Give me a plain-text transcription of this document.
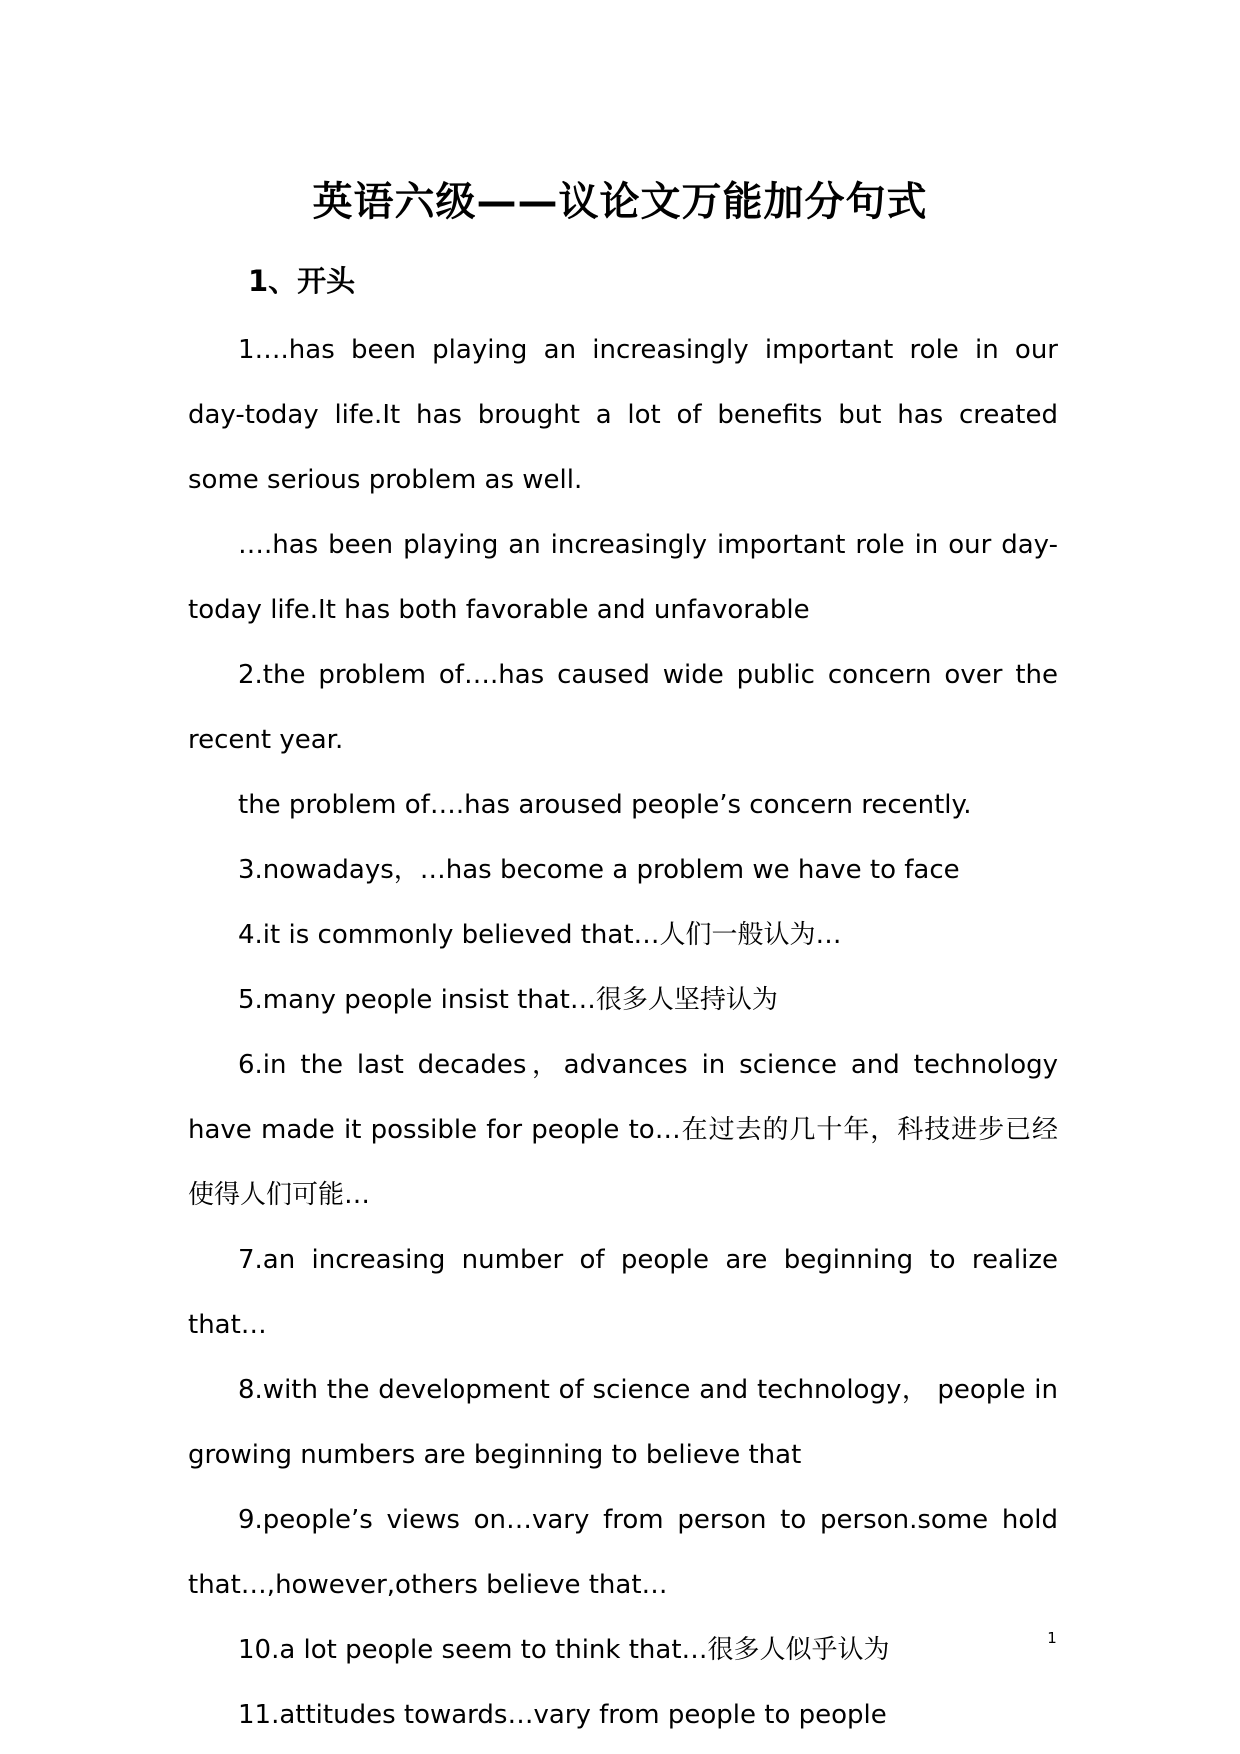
英语六级——议论文万能加分句式
1、开头

1….has been playing an increasingly important role in our day-today life.It has brought a lot of benefits but has created some serious problem as well.

….has been playing an increasingly important role in our day-today life.It has both favorable and unfavorable

2.the problem of….has caused wide public concern over the recent year.

the problem of….has aroused people’s concern recently.

3.nowadays，…has become a problem we have to face

4.it is commonly believed that…人们一般认为…

5.many people insist that…很多人坚持认为

6.in the last decades，advances in science and technology have made it possible for people to…在过去的几十年，科技进步已经使得人们可能…

7.an increasing number of people are beginning to realize that…

8.with the development of science and technology， people in growing numbers are beginning to believe that

9.people’s views on…vary from person to person.some hold that…,however,others believe that…

10.a lot people seem to think that…很多人似乎认为

11.attitudes towards…vary from people to people

1
